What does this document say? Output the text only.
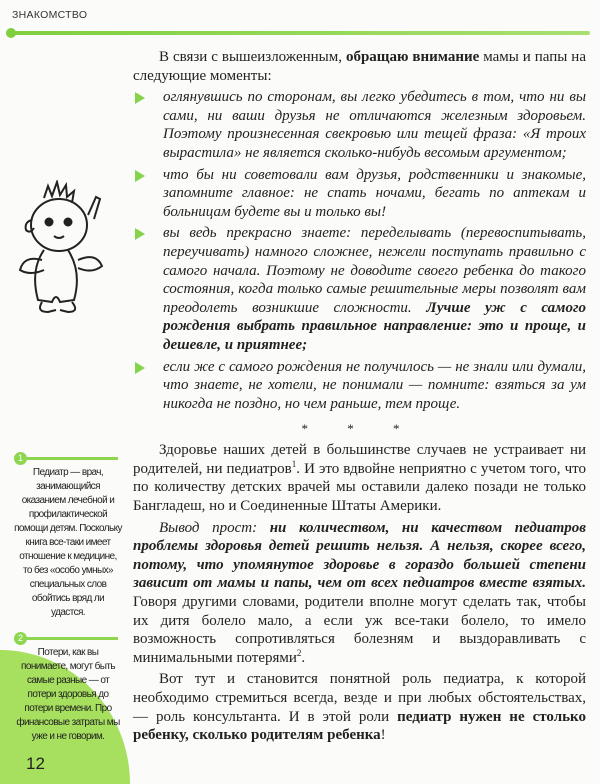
ЗНАКОМСТВО

В связи с вышеизложенным, обращаю внимание мамы и папы на следующие моменты:

оглянувшись по сторонам, вы легко убедитесь в том, что ни вы сами, ни ваши друзья не отличаются железным здоровьем. Поэтому произнесенная свекровью или тещей фраза: «Я троих вырастила» не является сколько-нибудь весомым аргументом;
что бы ни советовали вам друзья, родственники и знакомые, запомните главное: не спать ночами, бегать по аптекам и больницам будете вы и только вы!
вы ведь прекрасно знаете: переделывать (перевоспитывать, переучивать) намного сложнее, нежели поступать правильно с самого начала. Поэтому не доводите своего ребенка до такого состояния, когда только самые решительные меры позволят вам преодолеть возникшие сложности. Лучше уж с самого рождения выбрать правильное направление: это и проще, и дешевле, и приятнее;
если же с самого рождения не получилось — не знали или думали, что знаете, не хотели, не понимали — помните: взяться за ум никогда не поздно, но чем раньше, тем проще.
* * *

Здоровье наших детей в большинстве случаев не устраивает ни родителей, ни педиатров$^1$. И это вдвойне неприятно с учетом того, что по количеству детских врачей мы оставили далеко позади не только Бангладеш, но и Соединенные Штаты Америки.

Вывод прост: ни количеством, ни качеством педиатров проблемы здоровья детей решить нельзя. А нельзя, скорее всего, потому, что упомянутое здоровье в гораздо большей степени зависит от мамы и папы, чем от всех педиатров вместе взятых. Говоря другими словами, родители вполне могут сделать так, чтобы их дитя болело мало, а если уж все-таки болело, то имело возможность сопротивляться болезням и выздоравливать с минимальными потерями$^2$.

Вот тут и становится понятной роль педиатра, к которой необходимо стремиться всегда, везде и при любых обстоятельствах, — роль консультанта. И в этой роли педиатр нужен не столько ребенку, сколько родителям ребенка!

1
Педиатр — врач, занимающийся оказанием лечебной и профилактической помощи детям. Поскольку книга все-таки имеет отношение к медицине, то без «особо умных» специальных слов обойтись вряд ли удастся.
2
Потери, как вы понимаете, могут быть самые разные — от потери здоровья до потери времени. Про финансовые затраты мы уже и не говорим.
12
